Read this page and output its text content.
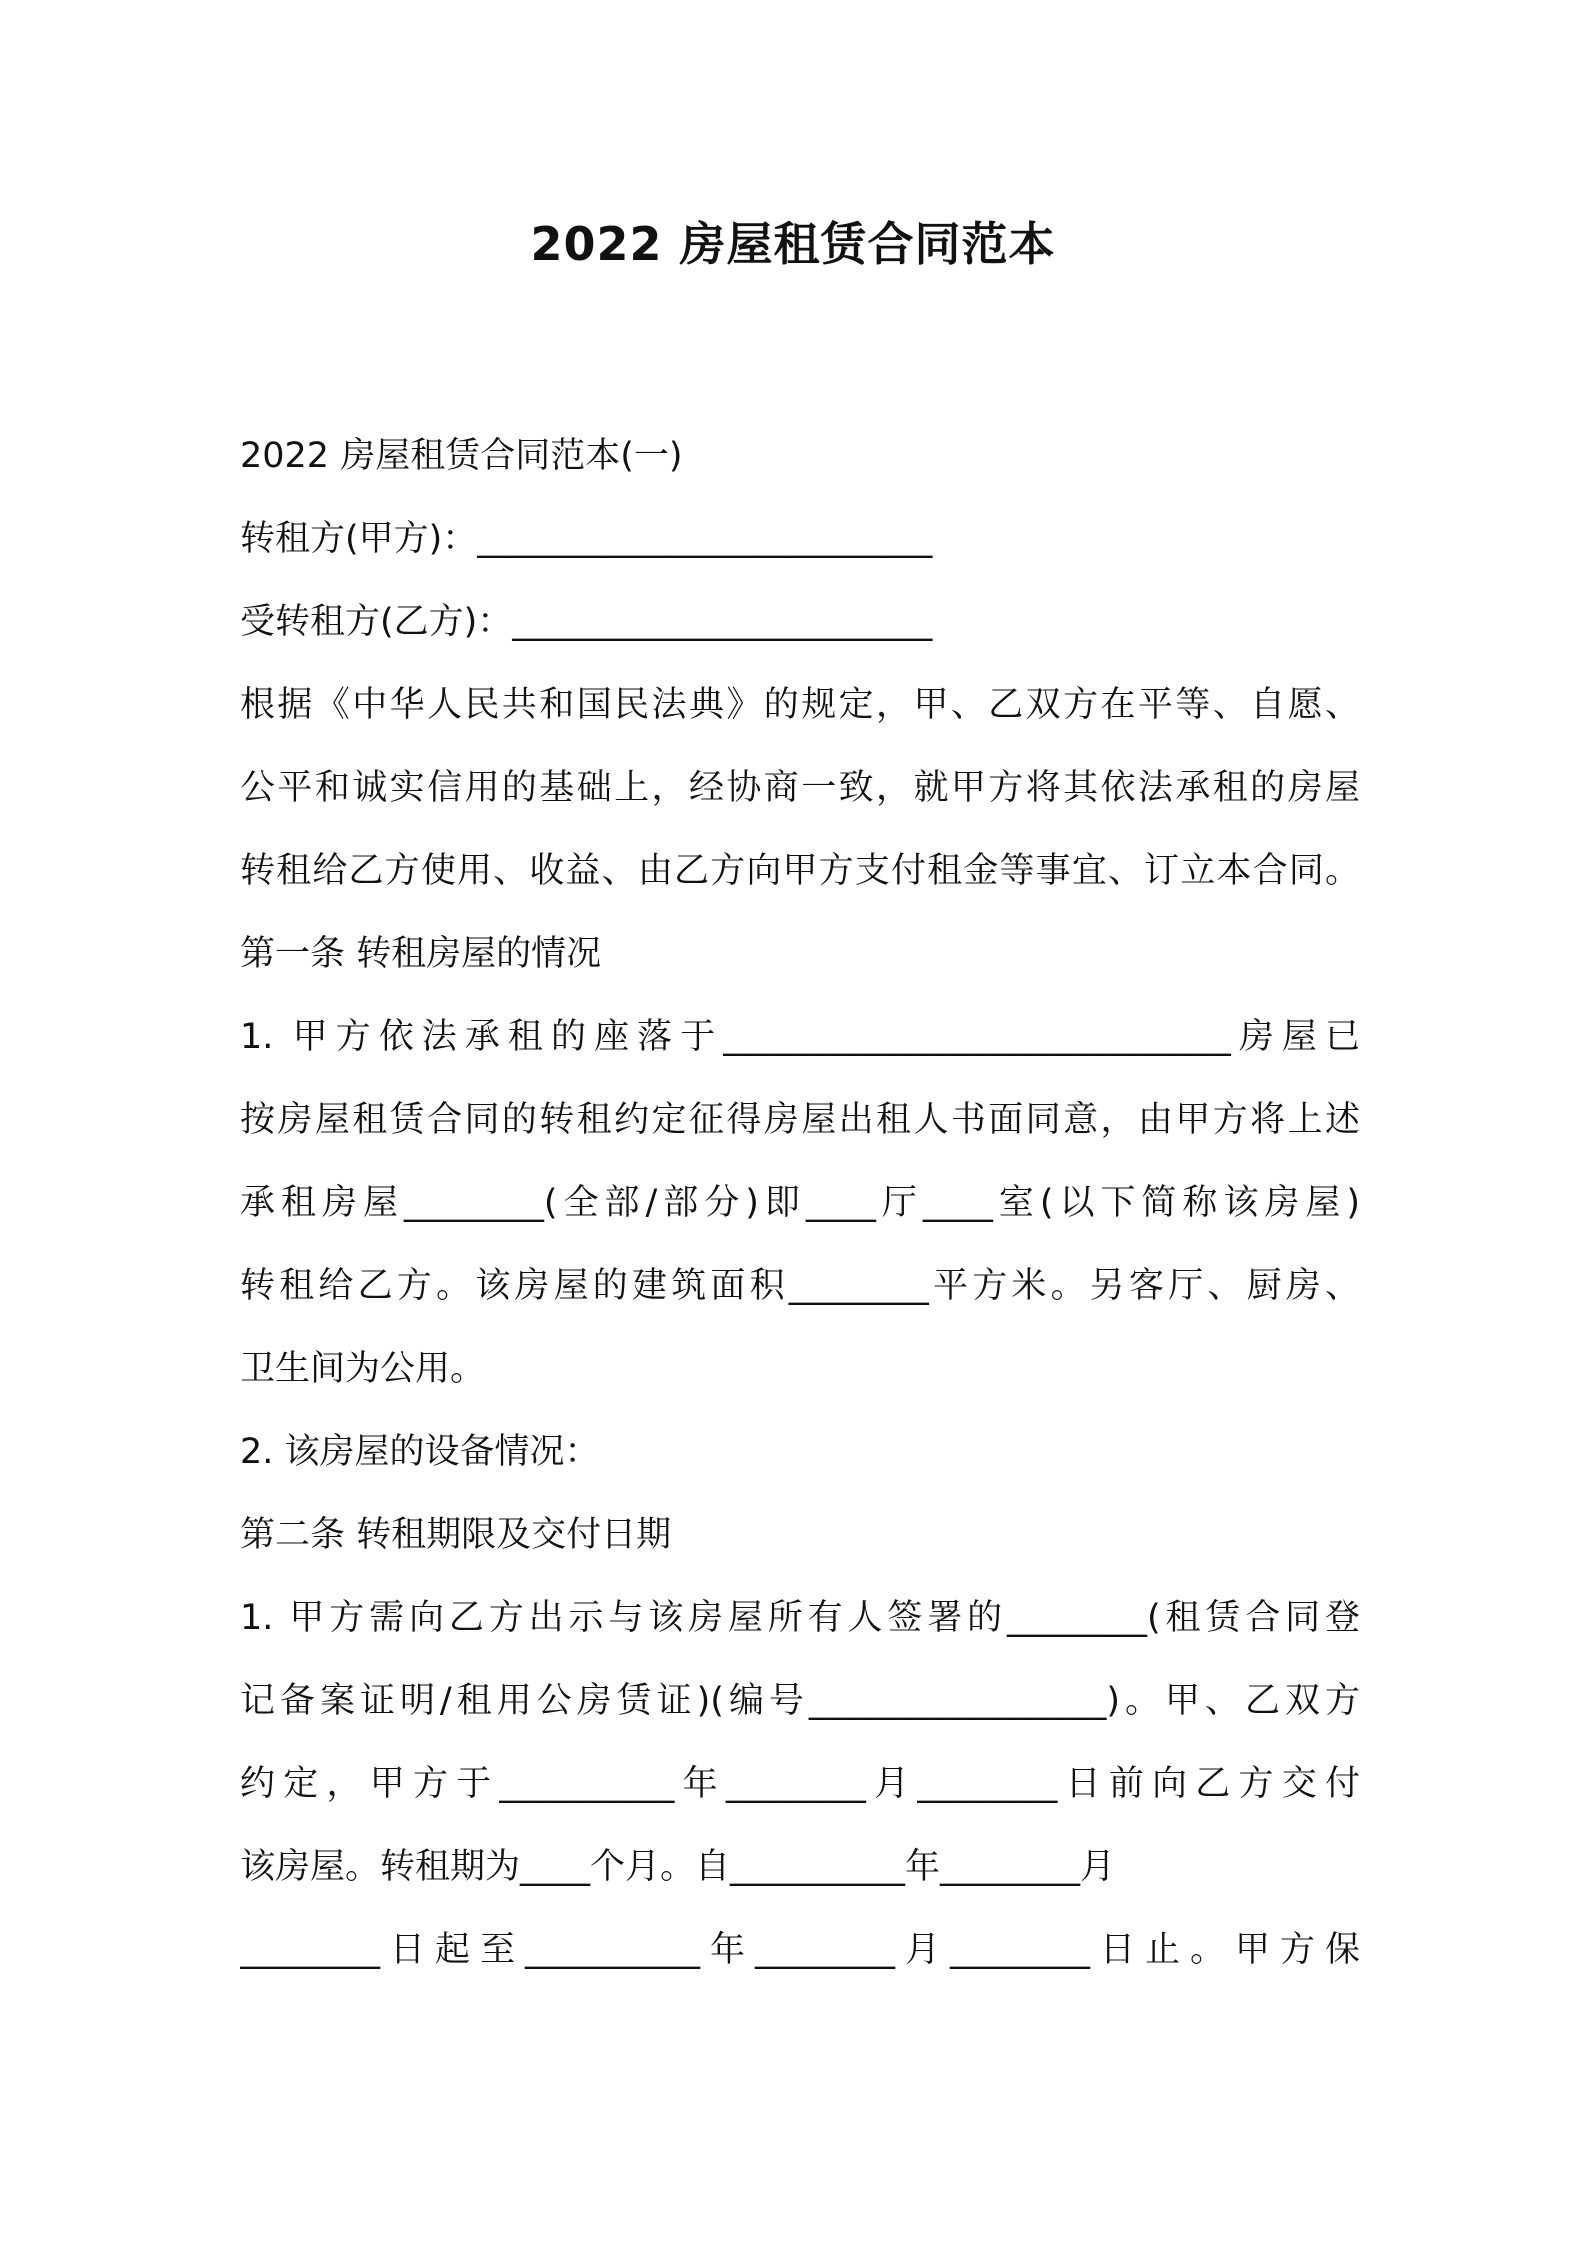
2022 房屋租赁合同范本

2022 房屋租赁合同范本(一)

转租方(甲方)：__________________________

受转租方(乙方)：________________________

根据《中华人民共和国民法典》的规定，甲、乙双方在平等、自愿、

公平和诚实信用的基础上，经协商一致，就甲方将其依法承租的房屋

转租给乙方使用、收益、由乙方向甲方支付租金等事宜、订立本合同。

第一条 转租房屋的情况

1. 甲方依法承租的座落于_____________________________房屋已

按房屋租赁合同的转租约定征得房屋出租人书面同意，由甲方将上述

承租房屋________(全部/部分)即____厅____室(以下简称该房屋)

转租给乙方。该房屋的建筑面积________平方米。另客厅、厨房、

卫生间为公用。

2. 该房屋的设备情况：

第二条 转租期限及交付日期

1. 甲方需向乙方出示与该房屋所有人签署的________(租赁合同登

记备案证明/租用公房赁证)(编号_________________)。甲、乙双方

约定，甲方于__________年________月________日前向乙方交付

该房屋。转租期为____个月。自__________年________月

________日起至__________年________月________日止。甲方保
